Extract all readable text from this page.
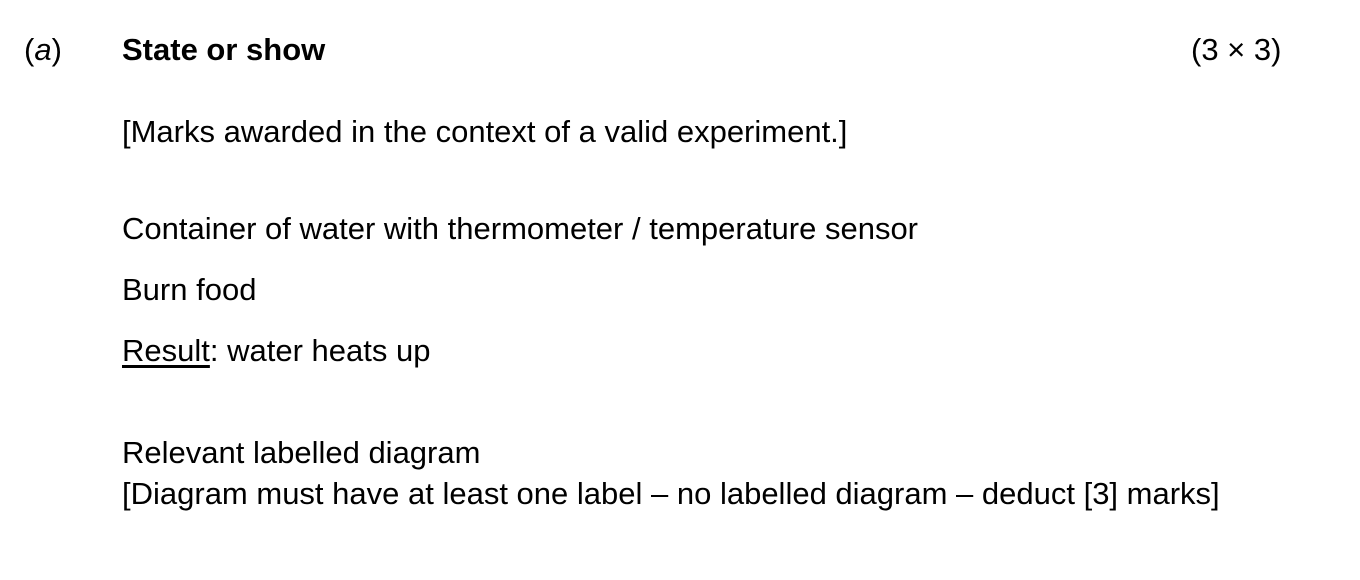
(a) State or show	(3 × 3)
[Marks awarded in the context of a valid experiment.]
Container of water with thermometer / temperature sensor
Burn food
Result: water heats up
Relevant labelled diagram
[Diagram must have at least one label – no labelled diagram – deduct [3] marks]
